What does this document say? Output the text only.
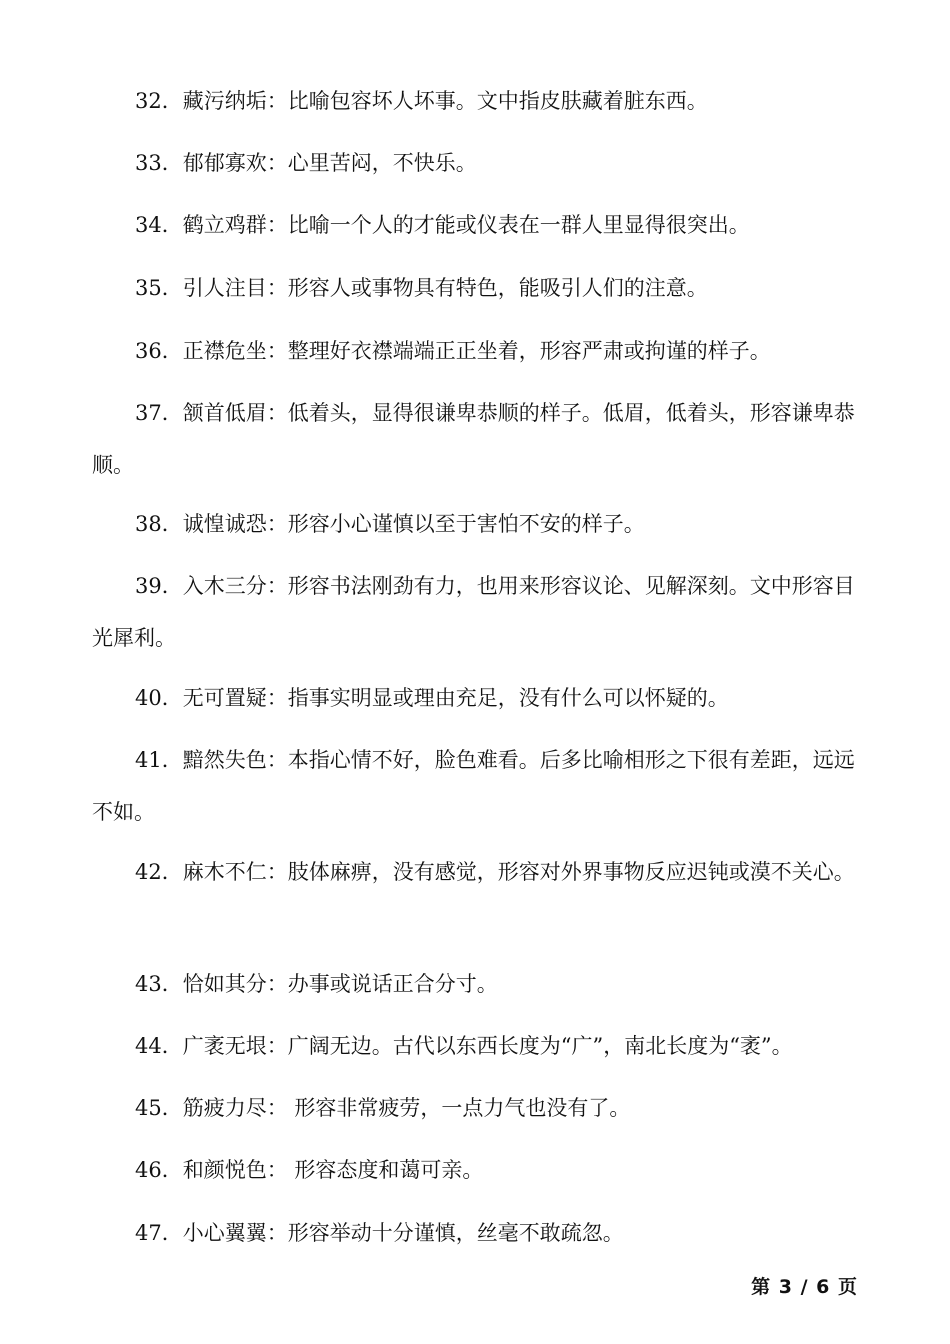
32．藏污纳垢：比喻包容坏人坏事。文中指皮肤藏着脏东西。

33．郁郁寡欢：心里苦闷，不快乐。

34．鹤立鸡群：比喻一个人的才能或仪表在一群人里显得很突出。

35．引人注目：形容人或事物具有特色，能吸引人们的注意。

36．正襟危坐：整理好衣襟端端正正坐着，形容严肃或拘谨的样子。

37．颔首低眉：低着头，显得很谦卑恭顺的样子。低眉，低着头，形容谦卑恭顺。

38．诚惶诚恐：形容小心谨慎以至于害怕不安的样子。

39．入木三分：形容书法刚劲有力，也用来形容议论、见解深刻。文中形容目光犀利。

40．无可置疑：指事实明显或理由充足，没有什么可以怀疑的。

41．黯然失色：本指心情不好，脸色难看。后多比喻相形之下很有差距，远远不如。

42．麻木不仁：肢体麻痹，没有感觉，形容对外界事物反应迟钝或漠不关心。

43．恰如其分：办事或说话正合分寸。

44．广袤无垠：广阔无边。古代以东西长度为“广”，南北长度为“袤”。

45．筋疲力尽： 形容非常疲劳，一点力气也没有了。

46．和颜悦色： 形容态度和蔼可亲。

47．小心翼翼：形容举动十分谨慎，丝毫不敢疏忽。

第 3 / 6 页
